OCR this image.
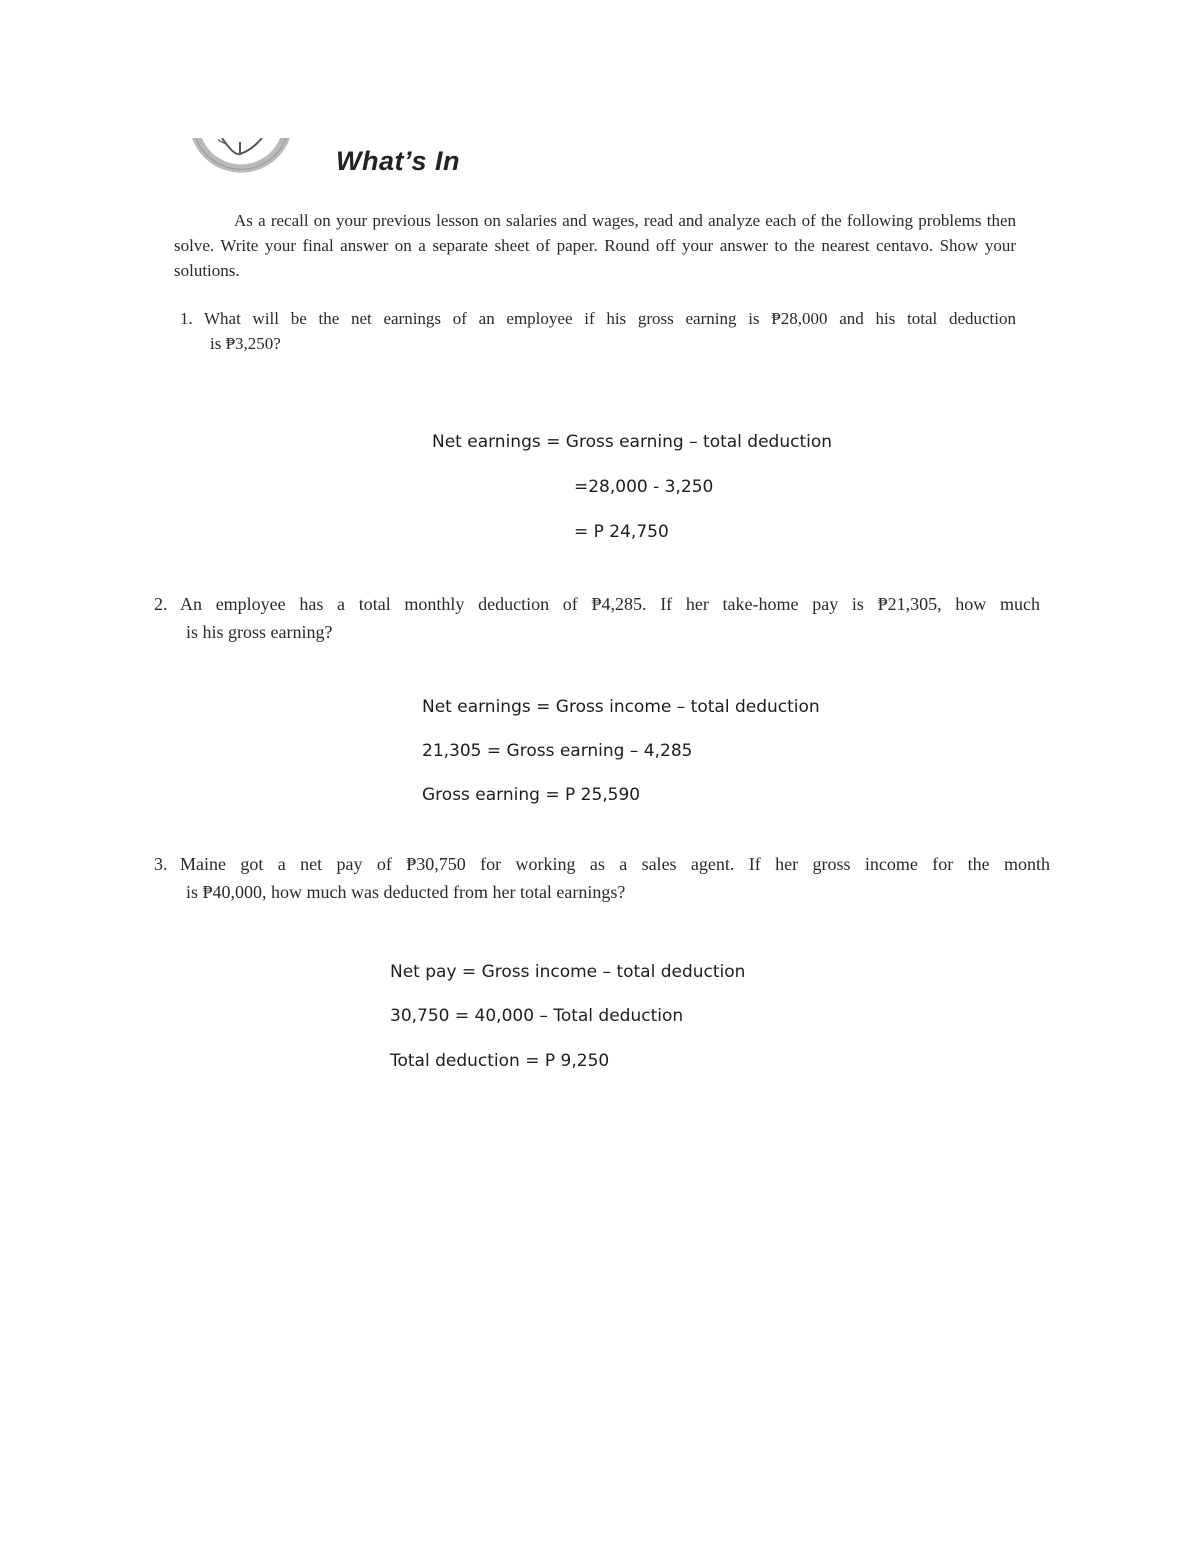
What’s In

As a recall on your previous lesson on salaries and wages, read and analyze each of the following problems then solve. Write your final answer on a separate sheet of paper. Round off your answer to the nearest centavo. Show your solutions.

1. What will be the net earnings of an employee if his gross earning is ₱28,000 and his total deduction
is ₱3,250?
Net earnings = Gross earning – total deduction
=28,000 - 3,250
= P 24,750
2. An employee has a total monthly deduction of ₱4,285. If her take-home pay is ₱21,305, how much
is his gross earning?
Net earnings = Gross income – total deduction
21,305 = Gross earning – 4,285
Gross earning = P 25,590
3. Maine got a net pay of ₱30,750 for working as a sales agent. If her gross income for the month
is ₱40,000, how much was deducted from her total earnings?
Net pay = Gross income – total deduction
30,750 = 40,000 – Total deduction
Total deduction = P 9,250
